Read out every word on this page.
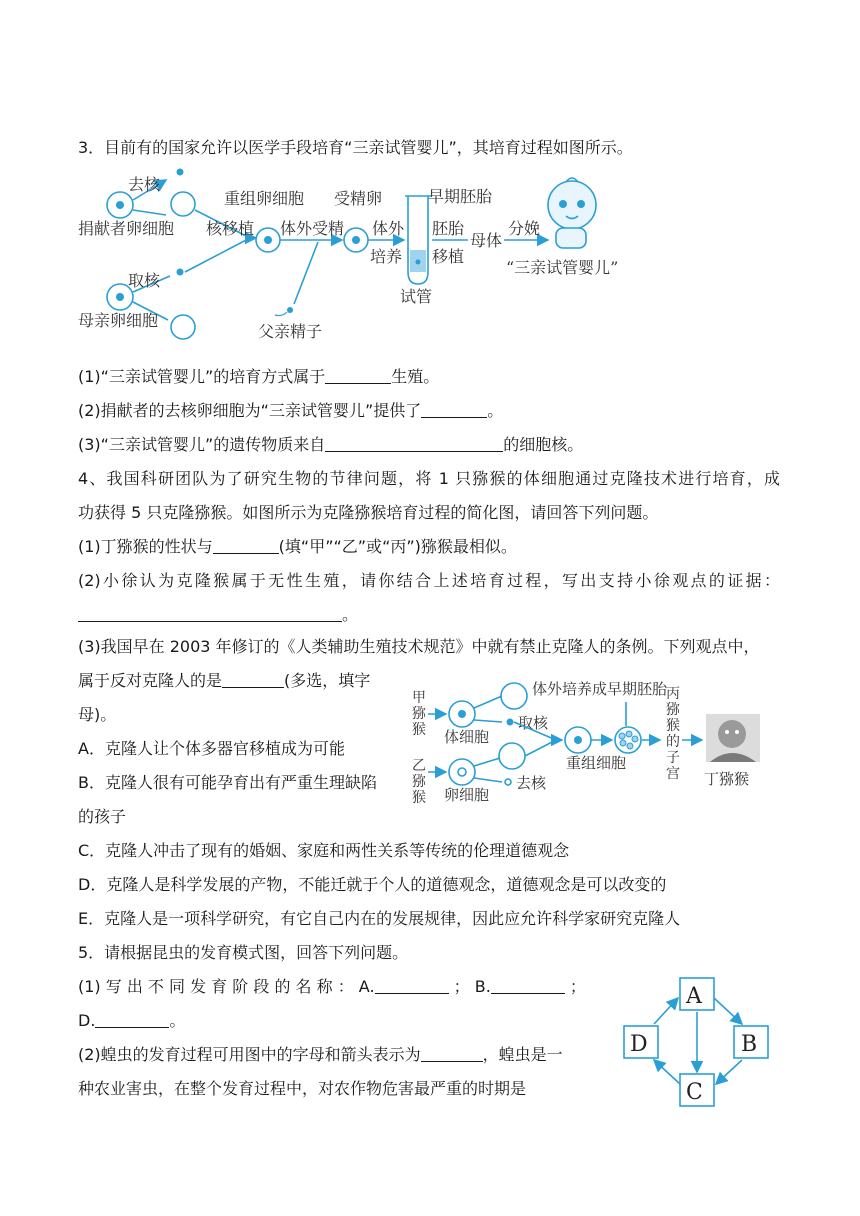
3．目前有的国家允许以医学手段培育“三亲试管婴儿”，其培育过程如图所示。
去核
捐献者卵细胞
取核
母亲卵细胞
核移植
重组卵细胞
体外受精
父亲精子
受精卵
体外
培养
试管
早期胚胎
胚胎
移植
母体
分娩
“三亲试管婴儿”
(1)“三亲试管婴儿”的培育方式属于	生殖。
(2)捐献者的去核卵细胞为“三亲试管婴儿”提供了	。
(3)“三亲试管婴儿”的遗传物质来自	的细胞核。
4、我国科研团队为了研究生物的节律问题，将 1 只猕猴的体细胞通过克隆技术进行培育，成
功获得 5 只克隆猕猴。如图所示为克隆猕猴培育过程的简化图，请回答下列问题。
(1)丁猕猴的性状与	(填“甲”“乙”或“丙”)猕猴最相似。
(2)小徐认为克隆猴属于无性生殖，请你结合上述培育过程，写出支持小徐观点的证据：
。
(3)我国早在 2003 年修订的《人类辅助生殖技术规范》中就有禁止克隆人的条例。下列观点中，
属于反对克隆人的是	(多选，填字
母)。
A．克隆人让个体多器官移植成为可能
B．克隆人很有可能孕育出有严重生理缺陷
的孩子
C．克隆人冲击了现有的婚姻、家庭和两性关系等传统的伦理道德观念
D．克隆人是科学发展的产物，不能迁就于个人的道德观念，道德观念是可以改变的
E．克隆人是一项科学研究，有它自己内在的发展规律，因此应允许科学家研究克隆人
甲
猕
猴 体细胞
取核
体外培养成早期胚胎
乙
猕
猴 卵细胞
去核
重组细胞
丙
猕
猴
的
子
宫 丁猕猴
5．请根据昆虫的发育模式图，回答下列问题。
(1) 写 出 不 同 发 育 阶 段 的 名 称 ： A.	； B.	；
D.	。
(2)蝗虫的发育过程可用图中的字母和箭头表示为	，蝗虫是一
种农业害虫，在整个发育过程中，对农作物危害最严重的时期是
A
B
C
D
